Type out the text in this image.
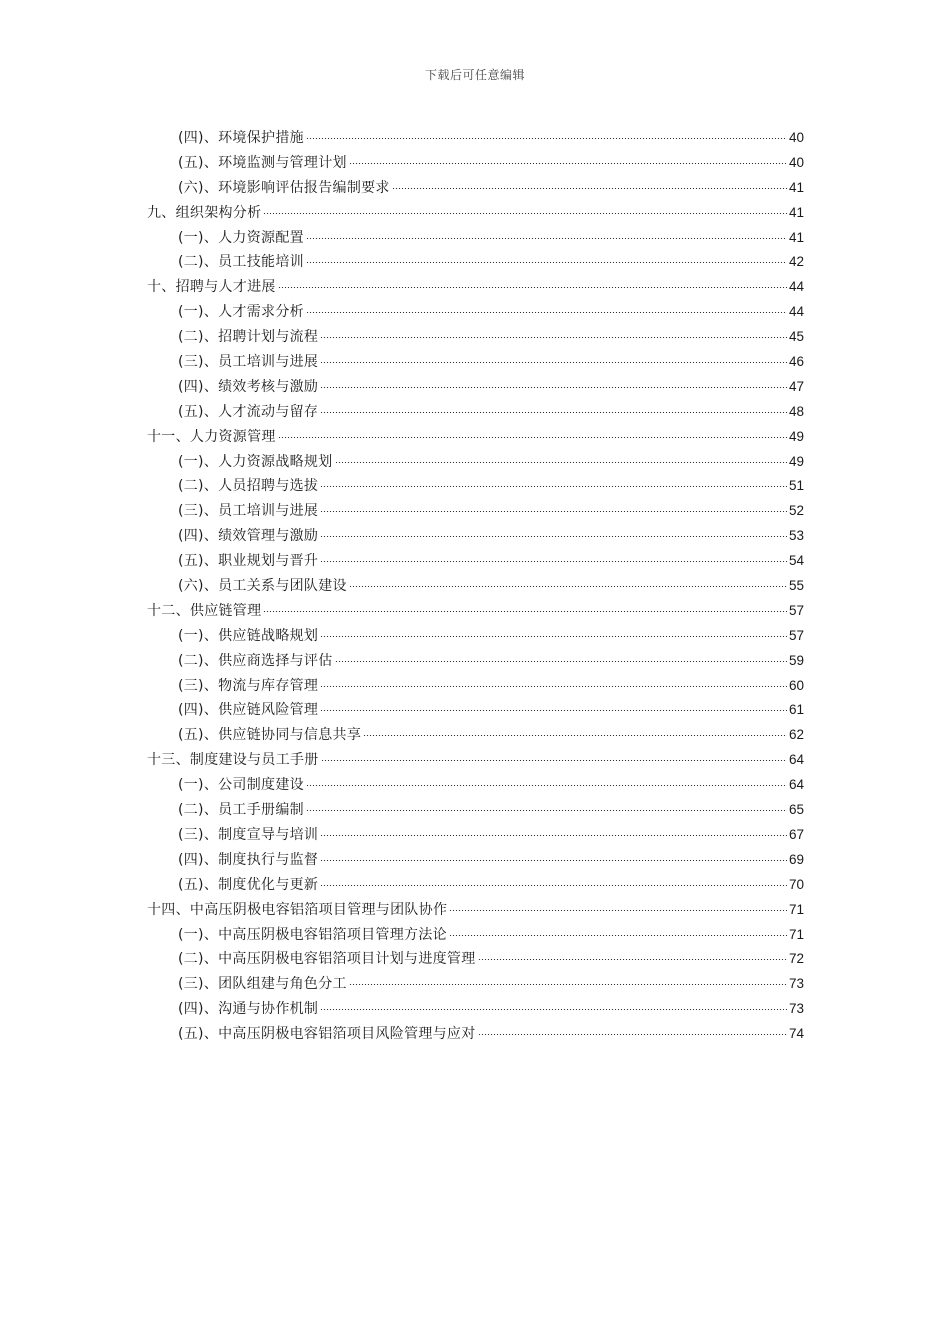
下载后可任意编辑
(四)、环境保护措施	40
(五)、环境监测与管理计划	40
(六)、环境影响评估报告编制要求	41
九、组织架构分析	41
(一)、人力资源配置	41
(二)、员工技能培训	42
十、招聘与人才进展	44
(一)、人才需求分析	44
(二)、招聘计划与流程	45
(三)、员工培训与进展	46
(四)、绩效考核与激励	47
(五)、人才流动与留存	48
十一、人力资源管理	49
(一)、人力资源战略规划	49
(二)、人员招聘与选拔	51
(三)、员工培训与进展	52
(四)、绩效管理与激励	53
(五)、职业规划与晋升	54
(六)、员工关系与团队建设	55
十二、供应链管理	57
(一)、供应链战略规划	57
(二)、供应商选择与评估	59
(三)、物流与库存管理	60
(四)、供应链风险管理	61
(五)、供应链协同与信息共享	62
十三、制度建设与员工手册	64
(一)、公司制度建设	64
(二)、员工手册编制	65
(三)、制度宣导与培训	67
(四)、制度执行与监督	69
(五)、制度优化与更新	70
十四、中高压阴极电容铝箔项目管理与团队协作	71
(一)、中高压阴极电容铝箔项目管理方法论	71
(二)、中高压阴极电容铝箔项目计划与进度管理	72
(三)、团队组建与角色分工	73
(四)、沟通与协作机制	73
(五)、中高压阴极电容铝箔项目风险管理与应对	74
